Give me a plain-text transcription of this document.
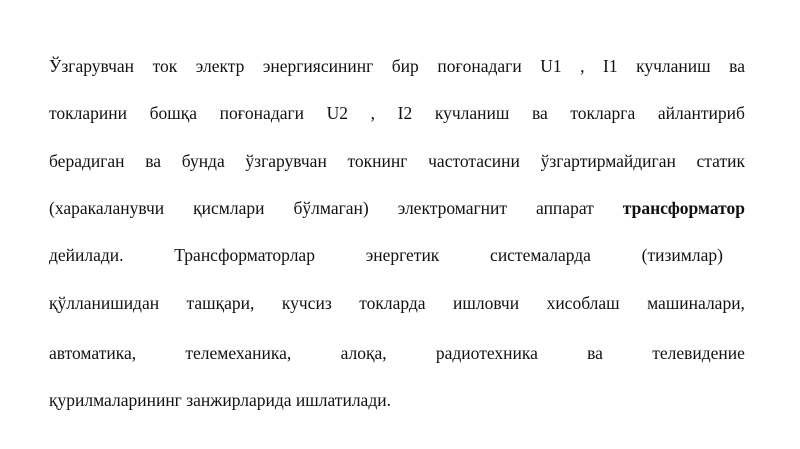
Ўзгарувчан ток электр энергиясининг бир поғонадаги U1 , I1 кучланиш ва
токларини бошқа поғонадаги U2 , I2 кучланиш ва токларга айлантириб
берадиган ва бунда ўзгарувчан токнинг частотасини ўзгартирмайдиган статик
(харакаланувчи қисмлари бўлмаган) электромагнит аппарат трансформатор
дейилади.	Трансформаторлар	энергетик	системаларда	(тизимлар)
қўлланишидан ташқари, кучсиз токларда ишловчи хисоблаш машиналари,
автоматика,	телемеханика,	алоқа,	радиотехника	ва	телевидение
қурилмаларининг занжирларида ишлатилади.
